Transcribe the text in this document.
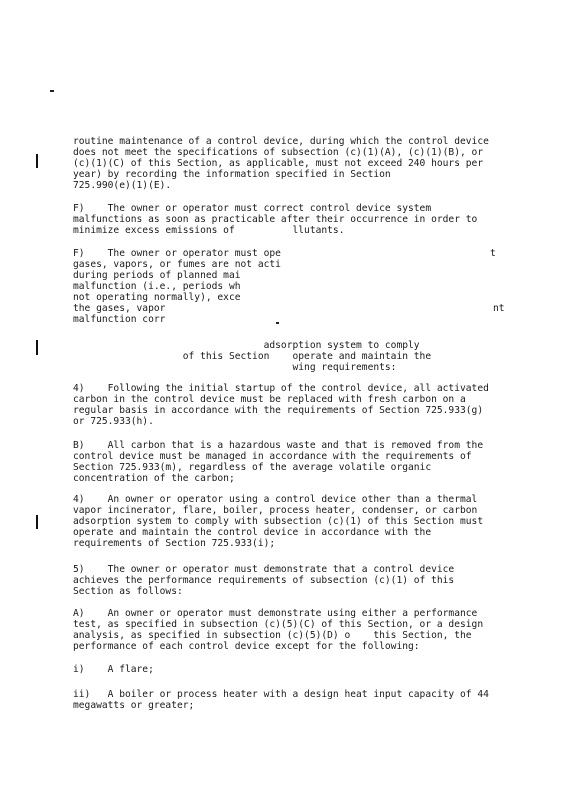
routine maintenance of a control device, during which the control device
does not meet the specifications of subsection (c)(1)(A), (c)(1)(B), or
(c)(1)(C) of this Section, as applicable, must not exceed 240 hours per
year) by recording the information specified in Section
725.990(e)(1)(E).
F)    The owner or operator must correct control device system
malfunctions as soon as practicable after their occurrence in order to
minimize excess emissions of          llutants.
F)    The owner or operator must ope
gases, vapors, or fumes are not acti
during periods of planned mai
malfunction (i.e., periods wh
not operating normally), exce
the gases, vapor
malfunction corr
adsorption system to comply
of this Section    operate and maintain the
wing requirements:
4)    Following the initial startup of the control device, all activated
carbon in the control device must be replaced with fresh carbon on a
regular basis in accordance with the requirements of Section 725.933(g)
or 725.933(h).
B)    All carbon that is a hazardous waste and that is removed from the
control device must be managed in accordance with the requirements of
Section 725.933(m), regardless of the average volatile organic
concentration of the carbon;
4)    An owner or operator using a control device other than a thermal
vapor incinerator, flare, boiler, process heater, condenser, or carbon
adsorption system to comply with subsection (c)(1) of this Section must
operate and maintain the control device in accordance with the
requirements of Section 725.933(i);
5)    The owner or operator must demonstrate that a control device
achieves the performance requirements of subsection (c)(1) of this
Section as follows:
A)    An owner or operator must demonstrate using either a performance
test, as specified in subsection (c)(5)(C) of this Section, or a design
analysis, as specified in subsection (c)(5)(D) o    this Section, the
performance of each control device except for the following:
i)    A flare;
ii)   A boiler or process heater with a design heat input capacity of 44
megawatts or greater;
t
nt
